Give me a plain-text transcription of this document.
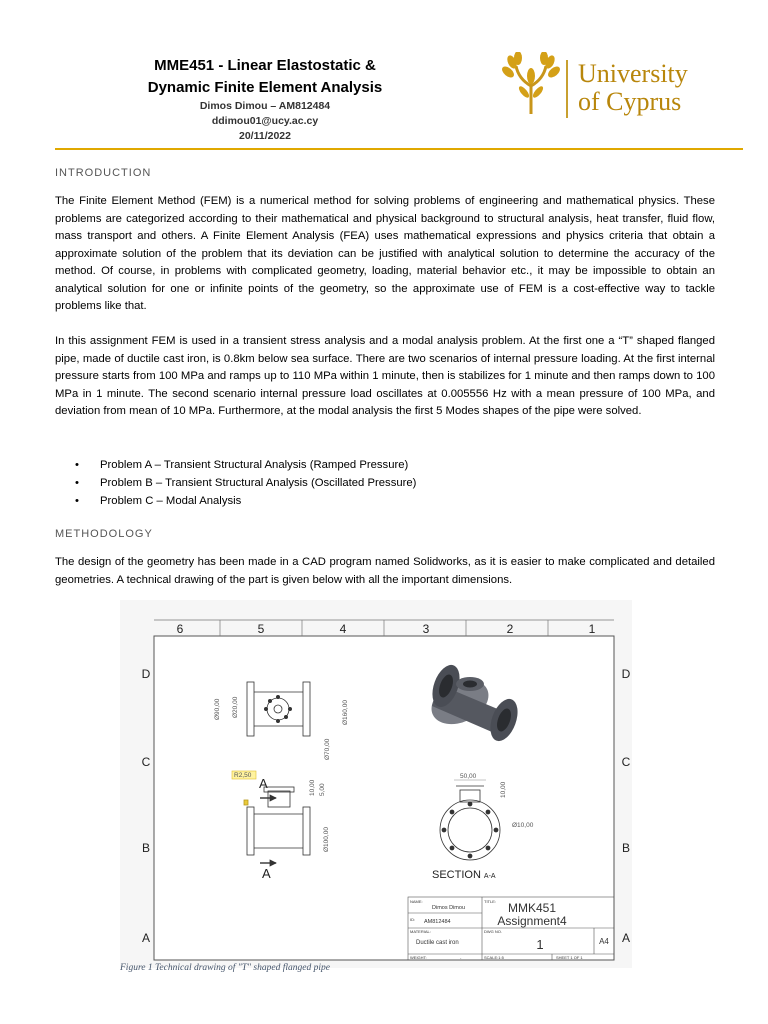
MME451 - Linear Elastostatic &
Dynamic Finite Element Analysis
Dimos Dimou – AM812484
ddimou01@ucy.ac.cy
20/11/2022
University
of Cyprus
INTRODUCTION
The Finite Element Method (FEM) is a numerical method for solving problems of engineering and mathematical physics. These problems are categorized according to their mathematical and physical background to structural analysis, heat transfer, fluid flow, mass transport and others. A Finite Element Analysis (FEA) uses mathematical expressions and physics criteria that obtain a approximate solution of the problem that its deviation can be justified with analytical solution to determine the accuracy of the method. Of course, in problems with complicated geometry, loading, material behavior etc., it may be impossible to obtain an analytical solution for one or infinite points of the geometry, so the approximate use of FEM is a cost-effective way to tackle problems like that.
In this assignment FEM is used in a transient stress analysis and a modal analysis problem. At the first one a “T” shaped flanged pipe, made of ductile cast iron, is 0.8km below sea surface. There are two scenarios of internal pressure loading. At the first internal pressure starts from 100 MPa and ramps up to 110 MPa within 1 minute, then is stabilizes for 1 minute and then ramps down to 100 MPa in 1 minute. The second scenario internal pressure load oscillates at 0.005556 Hz with a mean pressure of 100 MPa, and deviation from mean of 10 MPa. Furthermore, at the modal analysis the first 5 Modes shapes of the pipe were solved.
• Problem A – Transient Structural Analysis (Ramped Pressure)
• Problem B – Transient Structural Analysis (Oscillated Pressure)
• Problem C – Modal Analysis
METHODOLOGY
The design of the geometry has been made in a CAD program named Solidworks, as it is easier to make complicated and detailed geometries. A technical drawing of the part is given below with all the important dimensions.
6	5	4	3	2	1
D
C
B
A
D
C
B
A
Ø90,00 Ø20,00	Ø160,00
Ø70,00
R2,50
10,00 5,00
Ø100,00
A
A
50,00
10,00
Ø10,00
SECTION A-A
NAME:
Dimos Dimou
ID: AM812484
MATERIAL:
Ductile cast iron
WEIGHT:	-
TITLE: MMK451
Assignment4
DWG NO.
1	A4
SCALE:1:5	SHEET 1 OF 1
Figure 1 Technical drawing of "T" shaped flanged pipe
